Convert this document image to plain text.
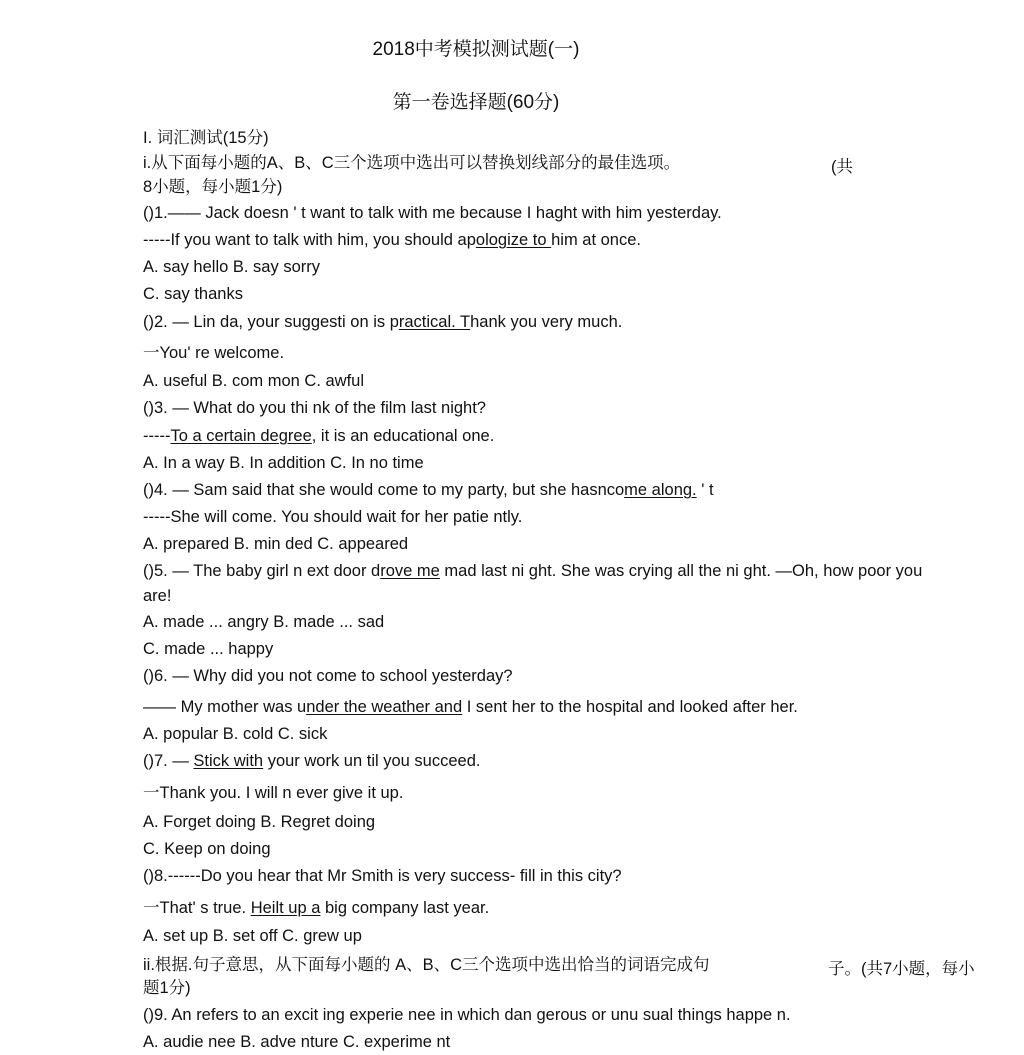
2018中考模拟测试题(一)
第一卷选择题(60分)
I. 词汇测试(15分)
i.从下面每小题的A、B、C三个选项中选出可以替换划线部分的最佳选项。	(共
8小题，每小题1分)
()1.—— Jack doesn ' t want to talk with me because I haght with him yesterday.
-----If you want to talk with him, you should apologize to him at once.
A. say hello B. say sorry
C. say thanks
()2. — Lin da, your suggesti on is practical. Thank you very much.
一You' re welcome.
A. useful B. com mon C. awful
()3. — What do you thi nk of the film last night?
-----To a certain degree, it is an educational one.
A. In a way B. In addition C. In no time
()4. — Sam said that she would come to my party, but she hasncome along. ' t
-----She will come. You should wait for her patie ntly.
A. prepared B. min ded C. appeared
()5. — The baby girl n ext door drove me mad last ni ght. She was crying all the ni ght. —Oh, how poor you
are!
A. made ... angry B. made ... sad
C. made ... happy
()6. — Why did you not come to school yesterday?
—— My mother was under the weather and I sent her to the hospital and looked after her.
A. popular B. cold C. sick
()7. — Stick with your work un til you succeed.
一Thank you. I will n ever give it up.
A. Forget doing B. Regret doing
C. Keep on doing
()8.------Do you hear that Mr Smith is very success- fill in this city?
一That' s true. Heilt up a big company last year.
A. set up B. set off C. grew up
ii.根据.句子意思，从下面每小题的 A、B、C三个选项中选出恰当的词语完成句	子。(共7小题，每小
题1分)
()9. An refers to an excit ing experie nee in which dan gerous or unu sual things happe n.
A. audie nee B. adve nture C. experime nt
